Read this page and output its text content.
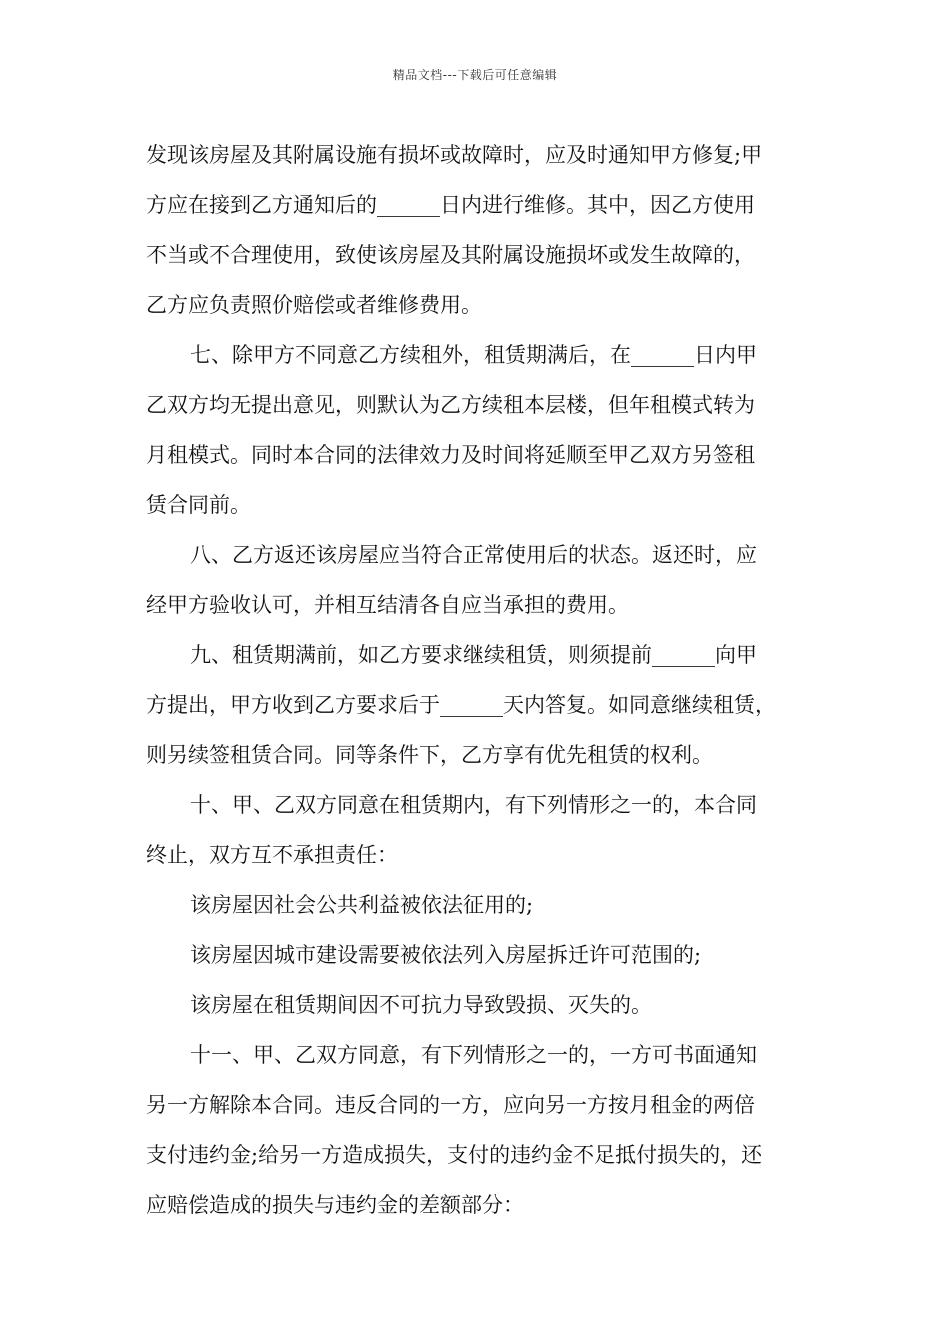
精品文档---下载后可任意编辑
发现该房屋及其附属设施有损坏或故障时，应及时通知甲方修复;甲
方应在接到乙方通知后的______日内进行维修。其中，因乙方使用
不当或不合理使用，致使该房屋及其附属设施损坏或发生故障的，
乙方应负责照价赔偿或者维修费用。
七、除甲方不同意乙方续租外，租赁期满后，在______日内甲
乙双方均无提出意见，则默认为乙方续租本层楼，但年租模式转为
月租模式。同时本合同的法律效力及时间将延顺至甲乙双方另签租
赁合同前。
八、乙方返还该房屋应当符合正常使用后的状态。返还时，应
经甲方验收认可，并相互结清各自应当承担的费用。
九、租赁期满前，如乙方要求继续租赁，则须提前______向甲
方提出，甲方收到乙方要求后于______天内答复。如同意继续租赁，
则另续签租赁合同。同等条件下，乙方享有优先租赁的权利。
十、甲、乙双方同意在租赁期内，有下列情形之一的，本合同
终止，双方互不承担责任：
该房屋因社会公共利益被依法征用的;
该房屋因城市建设需要被依法列入房屋拆迁许可范围的;
该房屋在租赁期间因不可抗力导致毁损、灭失的。
十一、甲、乙双方同意，有下列情形之一的，一方可书面通知
另一方解除本合同。违反合同的一方，应向另一方按月租金的两倍
支付违约金;给另一方造成损失，支付的违约金不足抵付损失的，还
应赔偿造成的损失与违约金的差额部分：
